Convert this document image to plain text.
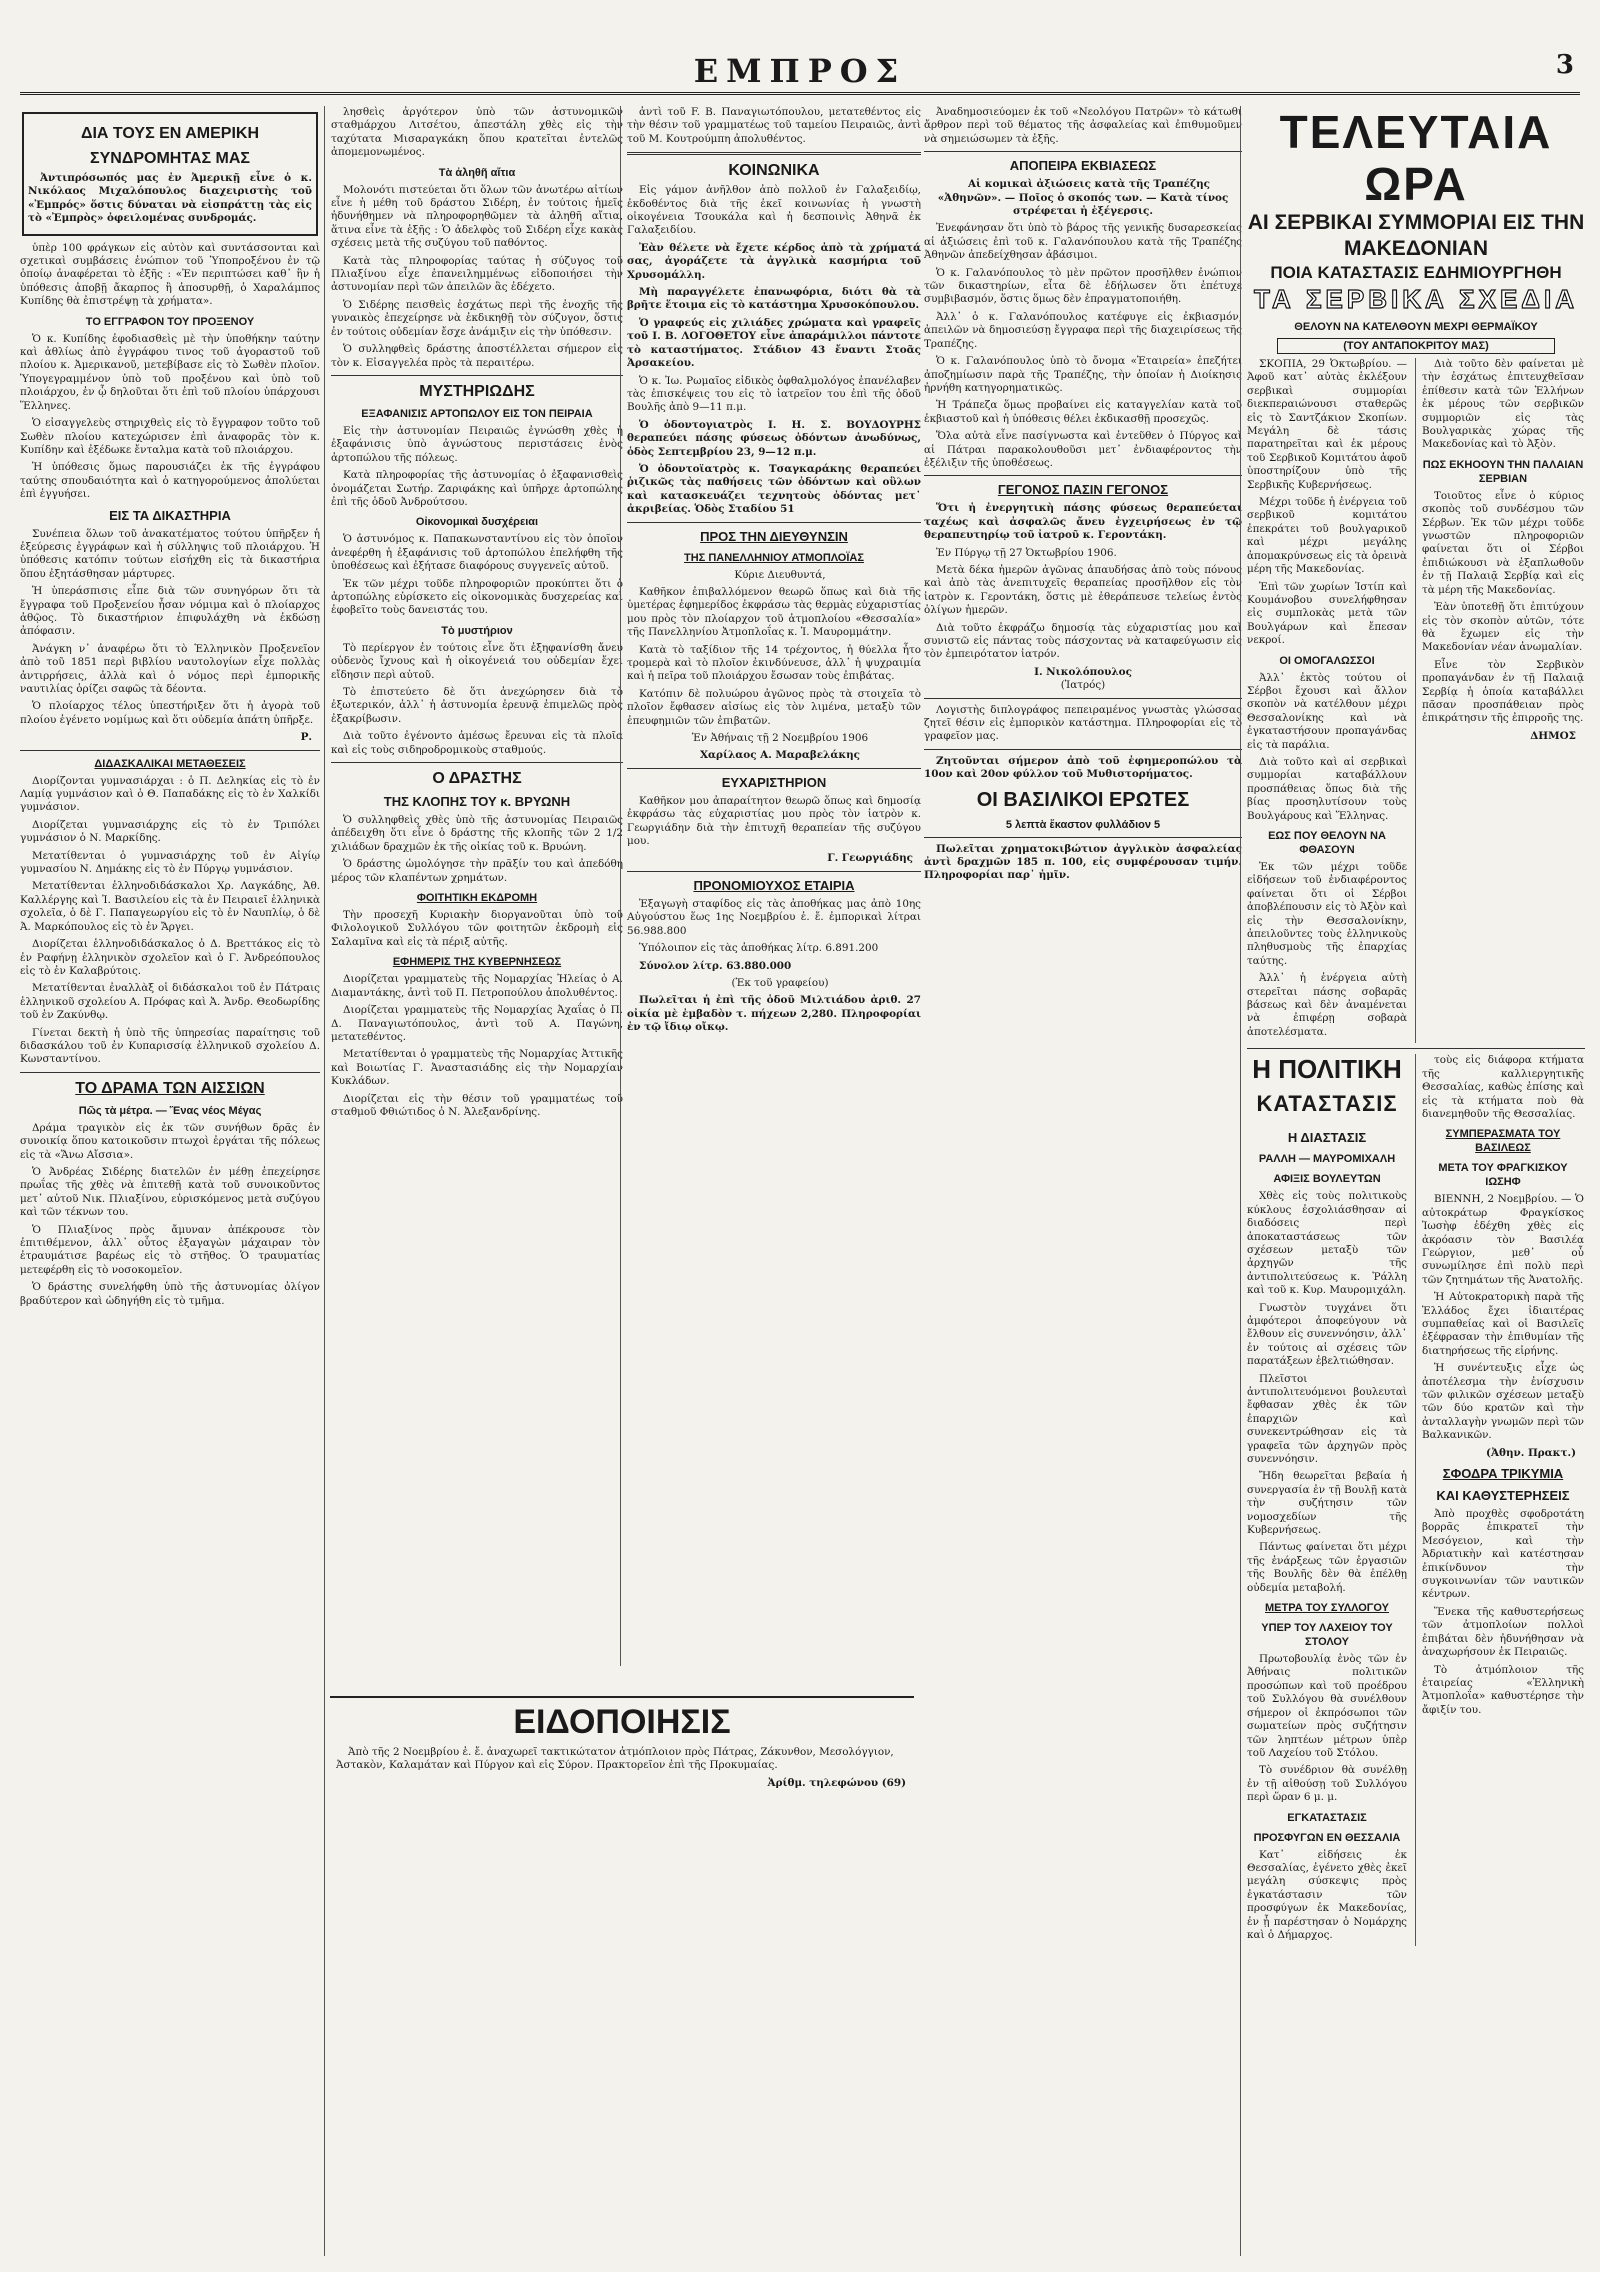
ΕΜΠΡΟΣ	3
ΔΙΑ ΤΟΥΣ ΕΝ ΑΜΕΡΙΚΗ
ΣΥΝΔΡΟΜΗΤΑΣ ΜΑΣ

Ἀντιπρόσωπός μας ἐν Ἀμερικῇ εἶνε ὁ κ. Νικόλαος Μιχαλόπουλος διαχειριστὴς τοῦ «Ἐμπρός» ὅστις δύναται νὰ εἰσπράττῃ τὰς εἰς τὸ «Ἐμπρὸς» ὀφειλομένας συνδρομάς.

ὑπὲρ 100 φράγκων εἰς αὐτὸν καὶ συντάσσονται καὶ σχετικαὶ συμβάσεις ἐνώπιον τοῦ Ὑποπροξένου ἐν τῷ ὁποίῳ ἀναφέρεται τὸ ἑξῆς : «Ἐν περιπτώσει καθ᾽ ἣν ἡ ὑπόθεσις ἀποβῇ ἄκαρπος ἢ ἀποσυρθῇ, ὁ Χαραλάμπος Κυπίδης θὰ ἐπιστρέψῃ τὰ χρήματα».

ΤΟ ΕΓΓΡΑΦΟΝ ΤΟΥ ΠΡΟΞΕΝΟΥ

Ὁ κ. Κυπίδης ἐφοδιασθεὶς μὲ τὴν ὑποθήκην ταύτην καὶ ἀθλίως ἀπὸ ἐγγράφου τινος τοῦ ἀγοραστοῦ τοῦ πλοίου κ. Ἀμερικανοῦ, μετεβίβασε εἰς τὸ Σωθὲν πλοῖον. Ὑπογεγραμμένον ὑπὸ τοῦ προξένου καὶ ὑπὸ τοῦ πλοιάρχου, ἐν ᾧ δηλοῦται ὅτι ἐπὶ τοῦ πλοίου ὑπάρχουσι Ἕλληνες.

Ὁ εἰσαγγελεὺς στηριχθεὶς εἰς τὸ ἔγγραφον τοῦτο τοῦ Σωθὲν πλοίου κατεχώρισεν ἐπὶ ἀναφορᾶς τὸν κ. Κυπίδην καὶ ἐξέδωκε ἔνταλμα κατὰ τοῦ πλοιάρχου.

Ἡ ὑπόθεσις ὅμως παρουσιάζει ἐκ τῆς ἐγγράφου ταύτης σπουδαιότητα καὶ ὁ κατηγορούμενος ἀπολύεται ἐπὶ ἐγγυήσει.

ΕΙΣ ΤΑ ΔΙΚΑΣΤΗΡΙΑ

Συνέπεια ὅλων τοῦ ἀνακατέματος τούτου ὑπῆρξεν ἡ ἐξεύρεσις ἐγγράφων καὶ ἡ σύλληψις τοῦ πλοιάρχου. Ἡ ὑπόθεσις κατόπιν τούτων εἰσήχθη εἰς τὰ δικαστήρια ὅπου ἐξητάσθησαν μάρτυρες.

Ἡ ὑπεράσπισις εἶπε διὰ τῶν συνηγόρων ὅτι τὰ ἔγγραφα τοῦ Προξενείου ἦσαν νόμιμα καὶ ὁ πλοίαρχος ἀθῷος. Τὸ δικαστήριον ἐπιφυλάχθη νὰ ἐκδώσῃ ἀπόφασιν.

Ἀνάγκη ν᾽ ἀναφέρω ὅτι τὸ Ἑλληνικὸν Προξενεῖον ἀπὸ τοῦ 1851 περὶ βιβλίου ναυτολογίων εἶχε πολλὰς ἀντιρρήσεις, ἀλλὰ καὶ ὁ νόμος περὶ ἐμπορικῆς ναυτιλίας ὁρίζει σαφῶς τὰ δέοντα.

Ὁ πλοίαρχος τέλος ὑπεστήριξεν ὅτι ἡ ἀγορὰ τοῦ πλοίου ἐγένετο νομίμως καὶ ὅτι οὐδεμία ἀπάτη ὑπῆρξε.

Ρ.
ΔΙΔΑΣΚΑΛΙΚΑΙ ΜΕΤΑΘΕΣΕΙΣ

Διορίζονται γυμνασιάρχαι : ὁ Π. Δεληκίας εἰς τὸ ἐν Λαμίᾳ γυμνάσιον καὶ ὁ Θ. Παπαδάκης εἰς τὸ ἐν Χαλκίδι γυμνάσιον.

Διορίζεται γυμνασιάρχης εἰς τὸ ἐν Τριπόλει γυμνάσιον ὁ Ν. Μαρκίδης.

Μετατίθενται ὁ γυμνασιάρχης τοῦ ἐν Αἰγίῳ γυμνασίου Ν. Δημάκης εἰς τὸ ἐν Πύργῳ γυμνάσιον.

Μετατίθενται ἑλληνοδιδάσκαλοι Χρ. Λαγκάδης, Ἀθ. Καλλέργης καὶ Ἰ. Βασιλείου εἰς τὰ ἐν Πειραιεῖ ἑλληνικὰ σχολεῖα, ὁ δὲ Γ. Παπαγεωργίου εἰς τὸ ἐν Ναυπλίῳ, ὁ δὲ Ἀ. Μαρκόπουλος εἰς τὸ ἐν Ἄργει.

Διορίζεται ἑλληνοδιδάσκαλος ὁ Δ. Βρεττάκος εἰς τὸ ἐν Ραφήνῃ ἑλληνικὸν σχολεῖον καὶ ὁ Γ. Ἀνδρεόπουλος εἰς τὸ ἐν Καλαβρύτοις.

Μετατίθενται ἐναλλὰξ οἱ διδάσκαλοι τοῦ ἐν Πάτραις ἑλληνικοῦ σχολείου Α. Πρόφας καὶ Ἀ. Ἀνδρ. Θεοδωρίδης τοῦ ἐν Ζακύνθῳ.

Γίνεται δεκτὴ ἡ ὑπὸ τῆς ὑπηρεσίας παραίτησις τοῦ διδασκάλου τοῦ ἐν Κυπαρισσίᾳ ἑλληνικοῦ σχολείου Δ. Κωνσταντίνου.

ΤΟ ΔΡΑΜΑ ΤΩΝ ΑΙΣΣΙΩΝ
Πῶς τὰ μέτρα. — Ἕνας νέος Μέγας

Δράμα τραγικὸν εἰς ἐκ τῶν συνήθων δρᾶς ἐν συνοικίᾳ ὅπου κατοικοῦσιν πτωχοὶ ἐργάται τῆς πόλεως εἰς τὰ «Ἄνω Αἴσσια».

Ὁ Ἀνδρέας Σιδέρης διατελῶν ἐν μέθῃ ἐπεχείρησε πρωΐας τῆς χθὲς νὰ ἐπιτεθῇ κατὰ τοῦ συνοικοῦντος μετ᾽ αὐτοῦ Νικ. Πλιαξίνου, εὑρισκόμενος μετὰ συζύγου καὶ τῶν τέκνων του.

Ὁ Πλιαξίνος πρὸς ἄμυναν ἀπέκρουσε τὸν ἐπιτιθέμενον, ἀλλ᾽ οὗτος ἐξαγαγὼν μάχαιραν τὸν ἐτραυμάτισε βαρέως εἰς τὸ στῆθος. Ὁ τραυματίας μετεφέρθη εἰς τὸ νοσοκομεῖον.

Ὁ δράστης συνελήφθη ὑπὸ τῆς ἀστυνομίας ὀλίγον βραδύτερον καὶ ὡδηγήθη εἰς τὸ τμῆμα.

λησθεὶς ἀργότερον ὑπὸ τῶν ἀστυνομικῶν σταθμάρχου Λιτσέτου, ἀπεστάλη χθὲς εἰς τὴν ταχύτατα Μισαραγκάκη ὅπου κρατεῖται ἐντελῶς ἀπομεμονωμένος.

Τὰ ἀληθῆ αἴτια

Μολονότι πιστεύεται ὅτι ὅλων τῶν ἀνωτέρω αἰτίων εἶνε ἡ μέθη τοῦ δράστου Σιδέρη, ἐν τούτοις ἡμεῖς ἠδυνήθημεν νὰ πληροφορηθῶμεν τὰ ἀληθῆ αἴτια, ἅτινα εἶνε τὰ ἑξῆς : Ὁ ἀδελφὸς τοῦ Σιδέρη εἶχε κακὰς σχέσεις μετὰ τῆς συζύγου τοῦ παθόντος.

Κατὰ τὰς πληροφορίας ταύτας ἡ σύζυγος τοῦ Πλιαξίνου εἶχε ἐπανειλημμένως εἰδοποιήσει τὴν ἀστυνομίαν περὶ τῶν ἀπειλῶν ἃς ἐδέχετο.

Ὁ Σιδέρης πεισθεὶς ἐσχάτως περὶ τῆς ἐνοχῆς τῆς γυναικὸς ἐπεχείρησε νὰ ἐκδικηθῇ τὸν σύζυγον, ὅστις ἐν τούτοις οὐδεμίαν ἔσχε ἀνάμιξιν εἰς τὴν ὑπόθεσιν.

Ὁ συλληφθεὶς δράστης ἀποστέλλεται σήμερον εἰς τὸν κ. Εἰσαγγελέα πρὸς τὰ περαιτέρω.

ΜΥΣΤΗΡΙΩΔΗΣ
ΕΞΑΦΑΝΙΣΙΣ ΑΡΤΟΠΩΛΟΥ ΕΙΣ ΤΟΝ ΠΕΙΡΑΙΑ

Εἰς τὴν ἀστυνομίαν Πειραιῶς ἐγνώσθη χθὲς ἡ ἐξαφάνισις ὑπὸ ἀγνώστους περιστάσεις ἑνὸς ἀρτοπώλου τῆς πόλεως.

Κατὰ πληροφορίας τῆς ἀστυνομίας ὁ ἐξαφανισθεὶς ὀνομάζεται Σωτήρ. Ζαριφάκης καὶ ὑπῆρχε ἀρτοπώλης ἐπὶ τῆς ὁδοῦ Ἀνδρούτσου.

Οἰκονομικαὶ δυσχέρειαι

Ὁ ἀστυνόμος κ. Παπακωνσταντίνου εἰς τὸν ὁποῖον ἀνεφέρθη ἡ ἐξαφάνισις τοῦ ἀρτοπώλου ἐπελήφθη τῆς ὑποθέσεως καὶ ἐξήτασε διαφόρους συγγενεῖς αὐτοῦ.

Ἐκ τῶν μέχρι τοῦδε πληροφοριῶν προκύπτει ὅτι ὁ ἀρτοπώλης εὑρίσκετο εἰς οἰκονομικὰς δυσχερείας καὶ ἐφοβεῖτο τοὺς δανειστάς του.

Τὸ μυστήριον

Τὸ περίεργον ἐν τούτοις εἶνε ὅτι ἐξηφανίσθη ἄνευ οὐδενὸς ἴχνους καὶ ἡ οἰκογένειά του οὐδεμίαν ἔχει εἴδησιν περὶ αὐτοῦ.

Τὸ ἐπιστεύετο δὲ ὅτι ἀνεχώρησεν διὰ τὸ ἐξωτερικόν, ἀλλ᾽ ἡ ἀστυνομία ἐρευνᾷ ἐπιμελῶς πρὸς ἐξακρίβωσιν.

Διὰ τοῦτο ἐγένοντο ἀμέσως ἔρευναι εἰς τὰ πλοῖα καὶ εἰς τοὺς σιδηροδρομικοὺς σταθμούς.

Ο ΔΡΑΣΤΗΣ
ΤΗΣ ΚΛΟΠΗΣ ΤΟΥ κ. ΒΡΥΩΝΗ

Ὁ συλληφθεὶς χθὲς ὑπὸ τῆς ἀστυνομίας Πειραιῶς ἀπέδειχθη ὅτι εἶνε ὁ δράστης τῆς κλοπῆς τῶν 2 1/2 χιλιάδων δραχμῶν ἐκ τῆς οἰκίας τοῦ κ. Βρυώνη.

Ὁ δράστης ὡμολόγησε τὴν πρᾶξίν του καὶ ἀπεδόθη μέρος τῶν κλαπέντων χρημάτων.

ΦΟΙΤΗΤΙΚΗ ΕΚΔΡΟΜΗ

Τὴν προσεχῆ Κυριακὴν διοργανοῦται ὑπὸ τοῦ Φιλολογικοῦ Συλλόγου τῶν φοιτητῶν ἐκδρομὴ εἰς Σαλαμῖνα καὶ εἰς τὰ πέριξ αὐτῆς.

ΕΦΗΜΕΡΙΣ ΤΗΣ ΚΥΒΕΡΝΗΣΕΩΣ

Διορίζεται γραμματεὺς τῆς Νομαρχίας Ἠλείας ὁ Α. Διαμαντάκης, ἀντὶ τοῦ Π. Πετροπούλου ἀπολυθέντος.

Διορίζεται γραμματεὺς τῆς Νομαρχίας Ἀχαΐας ὁ Π. Δ. Παναγιωτόπουλος, ἀντὶ τοῦ Α. Παγώνη, μετατεθέντος.

Μετατίθενται ὁ γραμματεὺς τῆς Νομαρχίας Ἀττικῆς καὶ Βοιωτίας Γ. Ἀναστασιάδης εἰς τὴν Νομαρχίαν Κυκλάδων.

Διορίζεται εἰς τὴν θέσιν τοῦ γραμματέως τοῦ σταθμοῦ Φθιώτιδος ὁ Ν. Ἀλεξανδρίνης.

ἀντὶ τοῦ F. Β. Παναγιωτόπουλου, μετατεθέντος εἰς τὴν θέσιν τοῦ γραμματέως τοῦ ταμείου Πειραιῶς, ἀντὶ τοῦ Μ. Κουτρούμπη ἀπολυθέντος.

ΚΟΙΝΩΝΙΚΑ

Εἰς γάμον ἀνῆλθον ἀπὸ πολλοῦ ἐν Γαλαξειδίῳ, ἐκδοθέντος διὰ τῆς ἐκεῖ κοινωνίας ἡ γνωστὴ οἰκογένεια Τσουκάλα καὶ ἡ δεσποινὶς Ἀθηνᾶ ἐκ Γαλαξειδίου.

Ἐὰν θέλετε νὰ ἔχετε κέρδος ἀπὸ τὰ χρήματά σας, ἀγοράζετε τὰ ἀγγλικὰ κασμήρια τοῦ Χρυσομάλλη.

Μὴ παραγγέλετε ἐπανωφόρια, διότι θὰ τὰ βρῆτε ἕτοιμα εἰς τὸ κατάστημα Χρυσοκόπουλου.

Ὁ γραφεύς εἰς χιλιάδες χρώματα καὶ γραφεῖς τοῦ Ι. Β. ΛΟΓΟΘΕΤΟΥ εἶνε ἀπαράμιλλοι πάντοτε τὸ καταστήματος. Στάδιον 43 ἔναντι Στοᾶς Ἀρσακείου.

Ὁ κ. Ἰω. Ρωμαῖος εἰδικὸς ὀφθαλμολόγος ἐπανέλαβεν τὰς ἐπισκέψεις του εἰς τὸ ἰατρεῖον του ἐπὶ τῆς ὁδοῦ Βουλῆς ἀπὸ 9—11 π.μ.

Ὁ ὀδοντογιατρὸς Ι. Η. Σ. ΒΟΥΔΟΥΡΗΣ θεραπεύει πάσης φύσεως ὀδόντων ἀνωδύνως, ὁδὸς Σεπτεμβρίου 23, 9—12 π.μ.

Ὁ ὀδοντοϊατρὸς κ. Τσαγκαράκης θεραπεύει ῥιζικῶς τὰς παθήσεις τῶν ὀδόντων καὶ οὓλων καὶ κατασκευάζει τεχνητοὺς ὀδόντας μετ᾽ ἀκριβείας. Ὁδὸς Σταδίου 51

ΠΡΟΣ ΤΗΝ ΔΙΕΥΘΥΝΣΙΝ
ΤΗΣ ΠΑΝΕΛΛΗΝΙΟΥ ΑΤΜΟΠΛΟΪΑΣ

Κύριε Διευθυντά,

Καθῆκον ἐπιβαλλόμενον θεωρῶ ὅπως καὶ διὰ τῆς ὑμετέρας ἐφημερίδος ἐκφράσω τὰς θερμὰς εὐχαριστίας μου πρὸς τὸν πλοίαρχον τοῦ ἀτμοπλοίου «Θεσσαλία» τῆς Πανελληνίου Ἀτμοπλοΐας κ. Ἰ. Μαυρομμάτην.

Κατὰ τὸ ταξίδιον τῆς 14 τρέχοντος, ἡ θύελλα ἦτο τρομερὰ καὶ τὸ πλοῖον ἐκινδύνευσε, ἀλλ᾽ ἡ ψυχραιμία καὶ ἡ πεῖρα τοῦ πλοιάρχου ἔσωσαν τοὺς ἐπιβάτας.

Κατόπιν δὲ πολυώρου ἀγῶνος πρὸς τὰ στοιχεῖα τὸ πλοῖον ἔφθασεν αἰσίως εἰς τὸν λιμένα, μεταξὺ τῶν ἐπευφημιῶν τῶν ἐπιβατῶν.

Ἐν Ἀθήναις τῇ 2 Νοεμβρίου 1906

Χαρίλαος Α. Μαραβελάκης

ΕΥΧΑΡΙΣΤΗΡΙΟΝ

Καθῆκον μου ἀπαραίτητον θεωρῶ ὅπως καὶ δημοσίᾳ ἐκφράσω τὰς εὐχαριστίας μου πρὸς τὸν ἰατρὸν κ. Γεωργιάδην διὰ τὴν ἐπιτυχῆ θεραπείαν τῆς συζύγου μου.

Γ. Γεωργιάδης
ΠΡΟΝΟΜΙΟΥΧΟΣ ΕΤΑΙΡΙΑ

Ἐξαγωγὴ σταφίδος εἰς τὰς ἀποθήκας μας ἀπὸ 10ης Αὐγούστου ἕως 1ης Νοεμβρίου ἐ. ἔ. ἐμπορικαὶ λίτραι 56.988.800

Ὑπόλοιπον εἰς τὰς ἀποθήκας λίτρ. 6.891.200

Σύνολον λίτρ. 63.880.000

(Ἐκ τοῦ γραφείου)

Πωλεῖται ἡ ἐπὶ τῆς ὁδοῦ Μιλτιάδου ἀριθ. 27 οἰκία μὲ ἐμβαδὸν τ. πήχεων 2,280. Πληροφορίαι ἐν τῷ ἴδιῳ οἴκῳ.

ΕΙΔΟΠΟΙΗΣΙΣ

Ἀπὸ τῆς 2 Νοεμβρίου ἐ. ἔ. ἀναχωρεῖ τακτικώτατον ἀτμόπλοιον πρὸς Πάτρας, Ζάκυνθον, Μεσολόγγιον, Ἀστακὸν, Καλαμάταν καὶ Πύργον καὶ εἰς Σύρον. Πρακτορεῖον ἐπὶ τῆς Προκυμαίας.

Ἀρίθμ. τηλεφώνου (69)

Ἀναδημοσιεύομεν ἐκ τοῦ «Νεολόγου Πατρῶν» τὸ κάτωθι ἄρθρον περὶ τοῦ θέματος τῆς ἀσφαλείας καὶ ἐπιθυμοῦμεν νὰ σημειώσωμεν τὰ ἑξῆς.

ΑΠΟΠΕΙΡΑ ΕΚΒΙΑΣΕΩΣ

Αἱ κομικαὶ ἀξιώσεις κατὰ τῆς Τραπέζης «Ἀθηνῶν». — Ποῖος ὁ σκοπός των. — Κατὰ τίνος στρέφεται ἡ ἐξέγερσις.

Ἐνεφάνησαν ὅτι ὑπὸ τὸ βάρος τῆς γενικῆς δυσαρεσκείας αἱ ἀξιώσεις ἐπὶ τοῦ κ. Γαλανόπουλου κατὰ τῆς Τραπέζης Ἀθηνῶν ἀπεδείχθησαν ἀβάσιμοι.

Ὁ κ. Γαλανόπουλος τὸ μὲν πρῶτον προσῆλθεν ἐνώπιον τῶν δικαστηρίων, εἶτα δὲ ἐδήλωσεν ὅτι ἐπέτυχε συμβιβασμόν, ὅστις ὅμως δὲν ἐπραγματοποιήθη.

Ἀλλ᾽ ὁ κ. Γαλανόπουλος κατέφυγε εἰς ἐκβιασμόν, ἀπειλῶν νὰ δημοσιεύσῃ ἔγγραφα περὶ τῆς διαχειρίσεως τῆς Τραπέζης.

Ὁ κ. Γαλανόπουλος ὑπὸ τὸ ὄνομα «Ἑταιρεία» ἐπεζήτει ἀποζημίωσιν παρὰ τῆς Τραπέζης, τὴν ὁποίαν ἡ Διοίκησις ἠρνήθη κατηγορηματικῶς.

Ἡ Τράπεζα ὅμως προβαίνει εἰς καταγγελίαν κατὰ τοῦ ἐκβιαστοῦ καὶ ἡ ὑπόθεσις θέλει ἐκδικασθῇ προσεχῶς.

Ὅλα αὐτὰ εἶνε πασίγνωστα καὶ ἐντεῦθεν ὁ Πύργος καὶ αἱ Πάτραι παρακολουθοῦσι μετ᾽ ἐνδιαφέροντος τὴν ἐξέλιξιν τῆς ὑποθέσεως.

ΓΕΓΟΝΟΣ ΠΑΣΙΝ ΓΕΓΟΝΟΣ

Ὅτι ἡ ἐνεργητικὴ πάσης φύσεως θεραπεύεται ταχέως καὶ ἀσφαλῶς ἄνευ ἐγχειρήσεως ἐν τῷ θεραπευτηρίῳ τοῦ ἰατροῦ κ. Γεροντάκη.

Ἐν Πύργῳ τῇ 27 Ὀκτωβρίου 1906.

Μετὰ δέκα ἡμερῶν ἀγῶνας ἀπαυδήσας ἀπὸ τοὺς πόνους καὶ ἀπὸ τὰς ἀνεπιτυχεῖς θεραπείας προσῆλθον εἰς τὸν ἰατρὸν κ. Γεροντάκη, ὅστις μὲ ἐθεράπευσε τελείως ἐντὸς ὀλίγων ἡμερῶν.

Διὰ τοῦτο ἐκφράζω δημοσίᾳ τὰς εὐχαριστίας μου καὶ συνιστῶ εἰς πάντας τοὺς πάσχοντας νὰ καταφεύγωσιν εἰς τὸν ἐμπειρότατον ἰατρόν.

Ι. Νικολόπουλος
(Ἰατρός)

Λογιστὴς διπλογράφος πεπειραμένος γνωστὰς γλώσσας ζητεῖ θέσιν εἰς ἐμπορικὸν κατάστημα. Πληροφορίαι εἰς τὸ γραφεῖον μας.

Ζητοῦνται σήμερον ἀπὸ τοῦ ἐφημεροπώλου τὰ 10ον καὶ 20ον φύλλον τοῦ Μυθιστορήματος.

ΟΙ ΒΑΣΙΛΙΚΟΙ ΕΡΩΤΕΣ
5 λεπτὰ ἕκαστον φυλλάδιον 5

Πωλεῖται χρηματοκιβώτιον ἀγγλικὸν ἀσφαλείας ἀντὶ δραχμῶν 185 π. 100, εἰς συμφέρουσαν τιμήν. Πληροφορίαι παρ᾽ ἡμῖν.

ΤΕΛΕΥΤΑΙΑ ΩΡΑ
ΑΙ ΣΕΡΒΙΚΑΙ ΣΥΜΜΟΡΙΑΙ ΕΙΣ ΤΗΝ ΜΑΚΕΔΟΝΙΑΝ
ΠΟΙΑ ΚΑΤΑΣΤΑΣΙΣ ΕΔΗΜΙΟΥΡΓΗΘΗ
ΤΑ ΣΕΡΒΙΚΑ ΣΧΕΔΙΑ
ΘΕΛΟΥΝ ΝΑ ΚΑΤΕΛΘΟΥΝ ΜΕΧΡΙ ΘΕΡΜΑΪΚΟΥ
(ΤΟΥ ΑΝΤΑΠΟΚΡΙΤΟΥ ΜΑΣ)

ΣΚΟΠΙΑ, 29 Ὀκτωβρίου. — Ἀφοῦ κατ᾽ αὐτὰς ἐκλέξουν σερβικαὶ συμμορίαι διεκπεραιώνουσι σταθερῶς εἰς τὸ Σαντζάκιον Σκοπίων. Μεγάλη δὲ τάσις παρατηρεῖται καὶ ἐκ μέρους τοῦ Σερβικοῦ Κομιτάτου ἀφοῦ ὑποστηρίζουν ὑπὸ τῆς Σερβικῆς Κυβερνήσεως.

Μέχρι τοῦδε ἡ ἐνέργεια τοῦ σερβικοῦ κομιτάτου ἐπεκράτει τοῦ βουλγαρικοῦ καὶ μέχρι μεγάλης ἀπομακρύνσεως εἰς τὰ ὁρεινὰ μέρη τῆς Μακεδονίας.

Ἐπὶ τῶν χωρίων Ἰστίπ καὶ Κουμάνοβου συνελήφθησαν εἰς συμπλοκὰς μετὰ τῶν Βουλγάρων καὶ ἔπεσαν νεκροί.

ΟΙ ΟΜΟΓΑΛΩΣΣΟΙ

Ἀλλ᾽ ἐκτὸς τούτου οἱ Σέρβοι ἔχουσι καὶ ἄλλον σκοπὸν νὰ κατέλθουν μέχρι Θεσσαλονίκης καὶ νὰ ἐγκαταστήσουν προπαγάνδας εἰς τὰ παράλια.

Διὰ τοῦτο καὶ αἱ σερβικαὶ συμμορίαι καταβάλλουν προσπάθειας ὅπως διὰ τῆς βίας προσηλυτίσουν τοὺς Βουλγάρους καὶ Ἕλληνας.

ΕΩΣ ΠΟΥ ΘΕΛΟΥΝ ΝΑ ΦΘΑΣΟΥΝ

Ἐκ τῶν μέχρι τοῦδε εἰδήσεων τοῦ ἐνδιαφέροντος φαίνεται ὅτι οἱ Σέρβοι ἀποβλέπουσιν εἰς τὸ Ἀξὸν καὶ εἰς τὴν Θεσσαλονίκην, ἀπειλοῦντες τοὺς ἑλληνικοὺς πληθυσμοὺς τῆς ἐπαρχίας ταύτης.

Ἀλλ᾽ ἡ ἐνέργεια αὐτὴ στερεῖται πάσης σοβαρᾶς βάσεως καὶ δὲν ἀναμένεται νὰ ἐπιφέρῃ σοβαρὰ ἀποτελέσματα.

Διὰ τοῦτο δὲν φαίνεται μὲ τὴν ἐσχάτως ἐπιτευχθεῖσαν ἐπίθεσιν κατὰ τῶν Ἑλλήνων ἐκ μέρους τῶν σερβικῶν συμμοριῶν εἰς τὰς Βουλγαρικὰς χώρας τῆς Μακεδονίας καὶ τὸ Ἀξὸν.

ΠΩΣ ΕΚΗΟΟΥΝ ΤΗΝ ΠΑΛΑΙΑΝ ΣΕΡΒΙΑΝ

Τοιοῦτος εἶνε ὁ κύριος σκοπὸς τοῦ συνδέσμου τῶν Σέρβων. Ἐκ τῶν μέχρι τοῦδε γνωστῶν πληροφοριῶν φαίνεται ὅτι οἱ Σέρβοι ἐπιδιώκουσι νὰ ἐξαπλωθοῦν ἐν τῇ Παλαιᾷ Σερβίᾳ καὶ εἰς τὰ μέρη τῆς Μακεδονίας.

Ἐὰν ὑποτεθῇ ὅτι ἐπιτύχουν εἰς τὸν σκοπὸν αὐτῶν, τότε θὰ ἔχωμεν εἰς τὴν Μακεδονίαν νέαν ἀνωμαλίαν.

Εἶνε τὸν Σερβικὸν προπαγάνδαν ἐν τῇ Παλαιᾷ Σερβίᾳ ἡ ὁποία καταβάλλει πᾶσαν προσπάθειαν πρὸς ἐπικράτησιν τῆς ἐπιρροῆς της.

ΔΗΜΟΣ
Η ΠΟΛΙΤΙΚΗ
ΚΑΤΑΣΤΑΣΙΣ
Η ΔΙΑΣΤΑΣΙΣ
ΡΑΛΛΗ — ΜΑΥΡΟΜΙΧΑΛΗ
ΑΦΙΞΙΣ ΒΟΥΛΕΥΤΩΝ

Χθὲς εἰς τοὺς πολιτικοὺς κύκλους ἐσχολιάσθησαν αἱ διαδόσεις περὶ ἀποκαταστάσεως τῶν σχέσεων μεταξὺ τῶν ἀρχηγῶν τῆς ἀντιπολιτεύσεως κ. Ῥάλλη καὶ τοῦ κ. Κυρ. Μαυρομιχάλη.

Γνωστὸν τυγχάνει ὅτι ἀμφότεροι ἀποφεύγουν νὰ ἔλθουν εἰς συνεννόησιν, ἀλλ᾽ ἐν τούτοις αἱ σχέσεις τῶν παρατάξεων ἐβελτιώθησαν.

Πλεῖστοι ἀντιπολιτευόμενοι βουλευταὶ ἔφθασαν χθὲς ἐκ τῶν ἐπαρχιῶν καὶ συνεκεντρώθησαν εἰς τὰ γραφεῖα τῶν ἀρχηγῶν πρὸς συνεννόησιν.

Ἤδη θεωρεῖται βεβαία ἡ συνεργασία ἐν τῇ Βουλῇ κατὰ τὴν συζήτησιν τῶν νομοσχεδίων τῆς Κυβερνήσεως.

Πάντως φαίνεται ὅτι μέχρι τῆς ἐνάρξεως τῶν ἐργασιῶν τῆς Βουλῆς δὲν θὰ ἐπέλθῃ οὐδεμία μεταβολή.

ΜΕΤΡΑ ΤΟΥ ΣΥΛΛΟΓΟΥ
ΥΠΕΡ ΤΟΥ ΛΑΧΕΙΟΥ ΤΟΥ ΣΤΟΛΟΥ

Πρωτοβουλίᾳ ἑνὸς τῶν ἐν Ἀθήναις πολιτικῶν προσώπων καὶ τοῦ προέδρου τοῦ Συλλόγου θὰ συνέλθουν σήμερον οἱ ἐκπρόσωποι τῶν σωματείων πρὸς συζήτησιν τῶν ληπτέων μέτρων ὑπὲρ τοῦ Λαχείου τοῦ Στόλου.

Τὸ συνέδριον θὰ συνέλθῃ ἐν τῇ αἰθούσῃ τοῦ Συλλόγου περὶ ὥραν 6 μ. μ.

ΕΓΚΑΤΑΣΤΑΣΙΣ
ΠΡΟΣΦΥΓΩΝ ΕΝ ΘΕΣΣΑΛΙΑ

Κατ᾽ εἰδήσεις ἐκ Θεσσαλίας, ἐγένετο χθὲς ἐκεῖ μεγάλη σύσκεψις πρὸς ἐγκατάστασιν τῶν προσφύγων ἐκ Μακεδονίας, ἐν ᾗ παρέστησαν ὁ Νομάρχης καὶ ὁ Δήμαρχος.

τοὺς εἰς διάφορα κτήματα τῆς καλλιεργητικῆς Θεσσαλίας, καθὼς ἐπίσης καὶ εἰς τὰ κτήματα ποὺ θὰ διανεμηθοῦν τῆς Θεσσαλίας.

ΣΥΜΠΕΡΑΣΜΑΤΑ ΤΟΥ ΒΑΣΙΛΕΩΣ
ΜΕΤΑ ΤΟΥ ΦΡΑΓΚΙΣΚΟΥ ΙΩΣΗΦ

ΒΙΕΝΝΗ, 2 Νοεμβρίου. — Ὁ αὐτοκράτωρ Φραγκίσκος Ἰωσὴφ ἐδέχθη χθὲς εἰς ἀκρόασιν τὸν Βασιλέα Γεώργιον, μεθ᾽ οὗ συνωμίλησε ἐπὶ πολὺ περὶ τῶν ζητημάτων τῆς Ἀνατολῆς.

Ἡ Αὐτοκρατορικὴ παρὰ τῆς Ἑλλάδος ἔχει ἰδιαιτέρας συμπαθείας καὶ οἱ Βασιλεῖς ἐξέφρασαν τὴν ἐπιθυμίαν τῆς διατηρήσεως τῆς εἰρήνης.

Ἡ συνέντευξις εἶχε ὡς ἀποτέλεσμα τὴν ἐνίσχυσιν τῶν φιλικῶν σχέσεων μεταξὺ τῶν δύο κρατῶν καὶ τὴν ἀνταλλαγὴν γνωμῶν περὶ τῶν Βαλκανικῶν.

(Ἀθην. Πρακτ.)
ΣΦΟΔΡΑ ΤΡΙΚΥΜΙΑ
ΚΑΙ ΚΑΘΥΣΤΕΡΗΣΕΙΣ

Ἀπὸ προχθὲς σφοδροτάτη βορρᾶς ἐπικρατεῖ τὴν Μεσόγειον, καὶ τὴν Ἀδριατικὴν καὶ κατέστησαν ἐπικίνδυνον τὴν συγκοινωνίαν τῶν ναυτικῶν κέντρων.

Ἕνεκα τῆς καθυστερήσεως τῶν ἀτμοπλοίων πολλοὶ ἐπιβάται δὲν ἠδυνήθησαν νὰ ἀναχωρήσουν ἐκ Πειραιῶς.

Τὸ ἀτμόπλοιον τῆς ἑταιρείας «Ἑλληνικὴ Ἀτμοπλοΐα» καθυστέρησε τὴν ἄφιξίν του.
